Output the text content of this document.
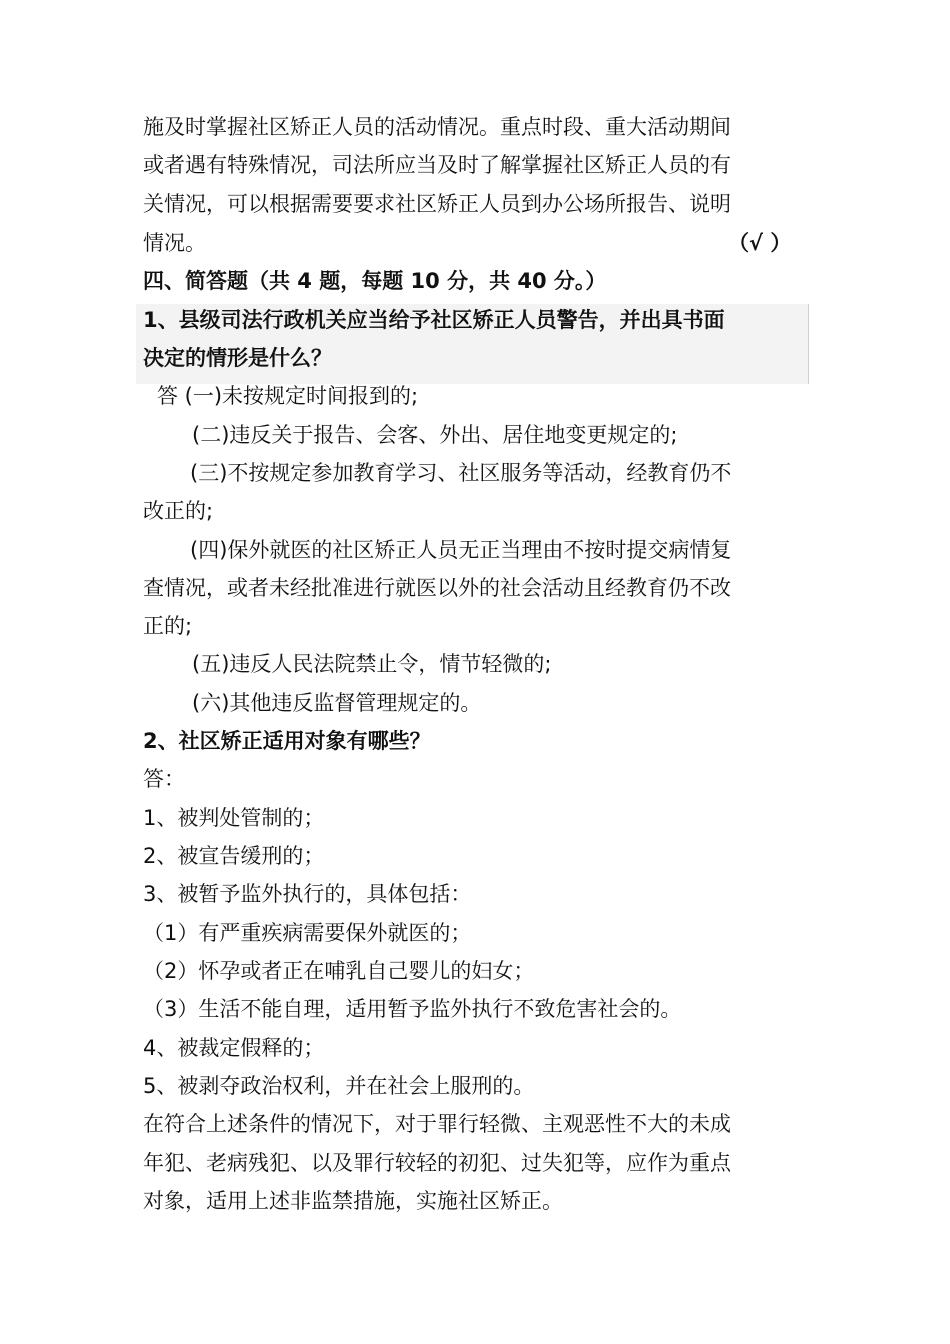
施及时掌握社区矫正人员的活动情况。重点时段、重大活动期间
或者遇有特殊情况，司法所应当及时了解掌握社区矫正人员的有
关情况，可以根据需要要求社区矫正人员到办公场所报告、说明
情况。	（√ ）
四、简答题（共 4 题，每题 10 分，共 40 分。）
1、县级司法行政机关应当给予社区矫正人员警告，并出具书面
决定的情形是什么？
答 (一)未按规定时间报到的;
(二)违反关于报告、会客、外出、居住地变更规定的;
(三)不按规定参加教育学习、社区服务等活动，经教育仍不
改正的;
(四)保外就医的社区矫正人员无正当理由不按时提交病情复
查情况，或者未经批准进行就医以外的社会活动且经教育仍不改
正的;
(五)违反人民法院禁止令，情节轻微的;
(六)其他违反监督管理规定的。
2、社区矫正适用对象有哪些？
答：
1、被判处管制的；
2、被宣告缓刑的；
3、被暂予监外执行的，具体包括：
（1）有严重疾病需要保外就医的；
（2）怀孕或者正在哺乳自己婴儿的妇女；
（3）生活不能自理，适用暂予监外执行不致危害社会的。
4、被裁定假释的；
5、被剥夺政治权利，并在社会上服刑的。
在符合上述条件的情况下，对于罪行轻微、主观恶性不大的未成
年犯、老病残犯、以及罪行较轻的初犯、过失犯等，应作为重点
对象，适用上述非监禁措施，实施社区矫正。
